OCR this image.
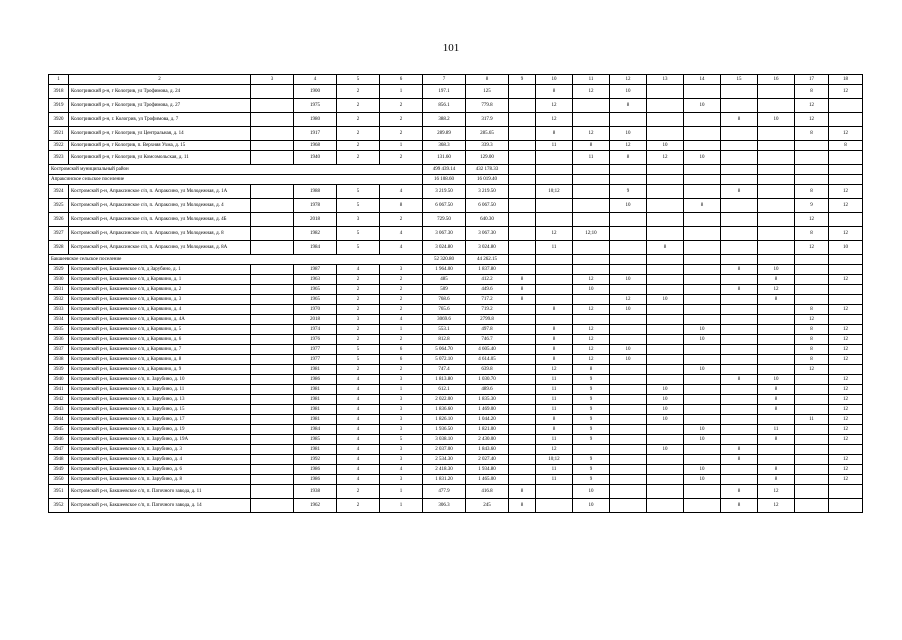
101
1	2	3	4	5	6	7	8	9	10	11	12	13	14	15	16	17	18
3918	Кологривский р-н, г Кологрив, ул Трофимова, д. 24		1900	2	1	197.1	125		8	12	10					8	12
3919	Кологривский р-н, г Кологрив, ул Трофимова, д. 27		1975	2	2	856.1	779.8		12		8		10			12	
3920	Кологривский р-н, г. Кологрив, ул Трофимова, д. 7		1980	2	2	388.2	317.9		12					8	10	12	
3921	Кологривский р-н, г Кологрив, ул Центральная, д. 14		1917	2	2	289.89	285.65		8	12	10					8	12
3922	Кологривский р-н, г Кологрив, п. Верхняя Ухма, д. 15		1968	2	1	368.3	339.3		11	8	12	10					8
3923	Кологривский р-н, г Кологрив, ул Комсомольская, д. 11		1940	2	2	131.60	129.00			11	8	12	10				
Костромской муниципальный район						499 439.14	432 178.33										
Апраксинское сельское поселение						16 108.60	16 019.40										
3924	Костромской р-н, Апраксинское с/п, п. Апраксино, ул Молодежная, д. 1А		1988	5	4	3 219.50	3 219.50		10;12		9			8		8	12
3925	Костромской р-н, Апраксинское с/п, п. Апраксино, ул Молодежная, д. 4		1978	5	8	6 067.50	6 067.50				10		8			9	12
3926	Костромской р-н, Апраксинское с/п, п. Апраксино, ул Молодежная, д. 4Б		2018	3	2	729.50	640.30									12	
3927	Костромской р-н, Апраксинское с/п, п. Апраксино, ул Молодежная, д. 8		1982	5	4	3 067.30	3 067.30		12	12;10						8	12
3928	Костромской р-н, Апраксинское с/п, п. Апраксино, ул Молодежная, д. 8А		1984	5	4	3 024.80	3 024.80		11			8				12	10
Бакшеевское сельское поселение						52 320.80	44 262.15										
3929	Костромской р-н, Бакшеевское с/п, д Зарубино, д. 1		1987	4	3	1 964.00	1 837.80							8	10		
3930	Костромской р-н, Бакшеевское с/п, д Корякино, д. 1		1963	2	2	485	412.2	8		12	10				8		12
3931	Костромской р-н, Бакшеевское с/п, д Корякино, д. 2		1965	2	2	509	449.6	8		10				8	12		
3932	Костромской р-н, Бакшеевское с/п, д Корякино, д. 3		1965	2	2	768.6	717.2	8			12	10			8		
3933	Костромской р-н, Бакшеевское с/п, д Корякино, д. 4		1970	2	2	765.6	719.2		8	12	10					8	12
3934	Костромской р-н, Бакшеевское с/п, д Корякино, д. 4А		2018	3	4	3069.6	2799.8									12	
3935	Костромской р-н, Бакшеевское с/п, д Корякино, д. 5		1974	2	1	553.1	497.8		8	12			10			8	12
3936	Костромской р-н, Бакшеевское с/п, д Корякино, д. 6		1976	2	2	812.8	746.7		8	12			10			8	12
3937	Костромской р-н, Бакшеевское с/п, д Корякино, д. 7		1977	5	6	5 064.70	4 605.40		8	12	10					8	12
3938	Костромской р-н, Бакшеевское с/п, д Корякино, д. 8		1977	5	6	5 072.10	4 614.05		8	12	10					8	12
3939	Костромской р-н, Бакшеевское с/п, д Корякино, д. 9		1981	2	2	747.4	639.8		12	8			10			12	
3940	Костромской р-н, Бакшеевское с/п, п. Зарубино, д. 10		1986	4	3	1 813.80	1 030.70		11	9				8	10		12
3941	Костромской р-н, Бакшеевское с/п, п. Зарубино, д. 11		1981	4	1	612.1	489.6		11	9		10			8		12
3942	Костромской р-н, Бакшеевское с/п, п. Зарубино, д. 13		1981	4	3	2 022.00	1 835.30		11	9		10			8		12
3943	Костромской р-н, Бакшеевское с/п, п. Зарубино, д. 15		1981	4	3	1 836.60	1 469.00		11	9		10			8		12
3944	Костромской р-н, Бакшеевское с/п, п. Зарубино, д. 17		1981	4	3	1 826.10	1 044.20		8	9		10				11	12
3945	Костромской р-н, Бакшеевское с/п, п. Зарубино, д. 19		1984	4	3	1 936.50	1 821.00		8	9			10		11		12
3946	Костромской р-н, Бакшеевское с/п, п. Зарубино, д. 19А		1985	4	5	3 038.10	2 430.00		11	9			10		8		12
3947	Костромской р-н, Бакшеевское с/п, п. Зарубино, д. 3		1981	4	3	2 037.00	1 843.60		12			10		8			
3948	Костромской р-н, Бакшеевское с/п, п. Зарубино, д. 4		1992	4	3	2 534.30	2 027.40		10;12	9				8			12
3949	Костромской р-н, Бакшеевское с/п, п. Зарубино, д. 6		1986	4	4	2 418.30	1 934.80		11	9			10		8		12
3950	Костромской р-н, Бакшеевское с/п, п. Зарубино, д. 8		1986	4	3	1 831.20	1 465.00		11	9			10		8		12
3951	Костромской р-н, Бакшеевское с/п, п. Паточного завода, д. 11		1938	2	1	477.9	416.8	8		10				8	12		
3952	Костромской р-н, Бакшеевское с/п, п. Паточного завода, д. 14		1962	2	1	306.3	245	8		10				8	12		
